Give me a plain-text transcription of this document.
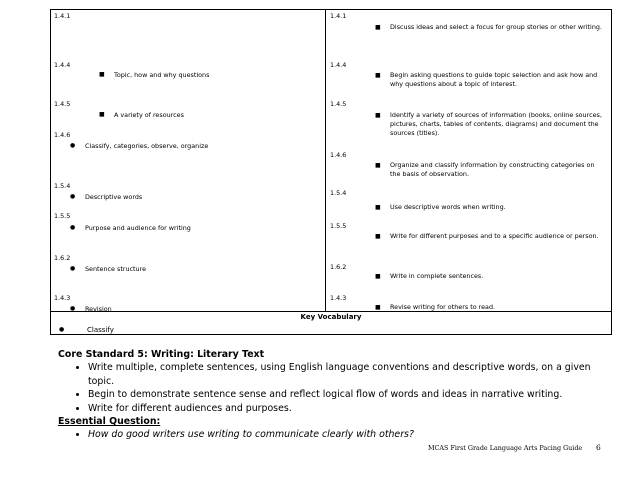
1.4.1
1.4.4
■ Topic, how and why questions
1.4.5
■ A variety of resources
1.4.6
● Classify, categories, observe, organize
1.5.4
● Descriptive words
1.5.5
● Purpose and audience for writing
1.6.2
● Sentence structure
1.4.3
● Revision
1.4.1
■ Discuss ideas and select a focus for group stories or other writing.
1.4.4
■ Begin asking questions to guide topic selection and ask how and why questions about a topic of interest.
1.4.5
■ Identify a variety of sources of information (books, online sources, pictures, charts, tables of contents, diagrams) and document the sources (titles).
1.4.6
■ Organize and classify information by constructing categories on the basis of observation.
1.5.4
■ Use descriptive words when writing.
1.5.5
■ Write for different purposes and to a specific audience or person.
1.6.2
■ Write in complete sentences.
1.4.3
■ Revise writing for others to read.
Key Vocabulary
●	Classify
Core Standard 5: Writing: Literary Text
• Write multiple, complete sentences, using English language conventions and descriptive words, on a given topic.
• Begin to demonstrate sentence sense and reflect logical flow of words and ideas in narrative writing.
• Write for different audiences and purposes.
Essential Question:
• How do good writers use writing to communicate clearly with others?
MCAS First Grade Language Arts Pacing Guide 6
